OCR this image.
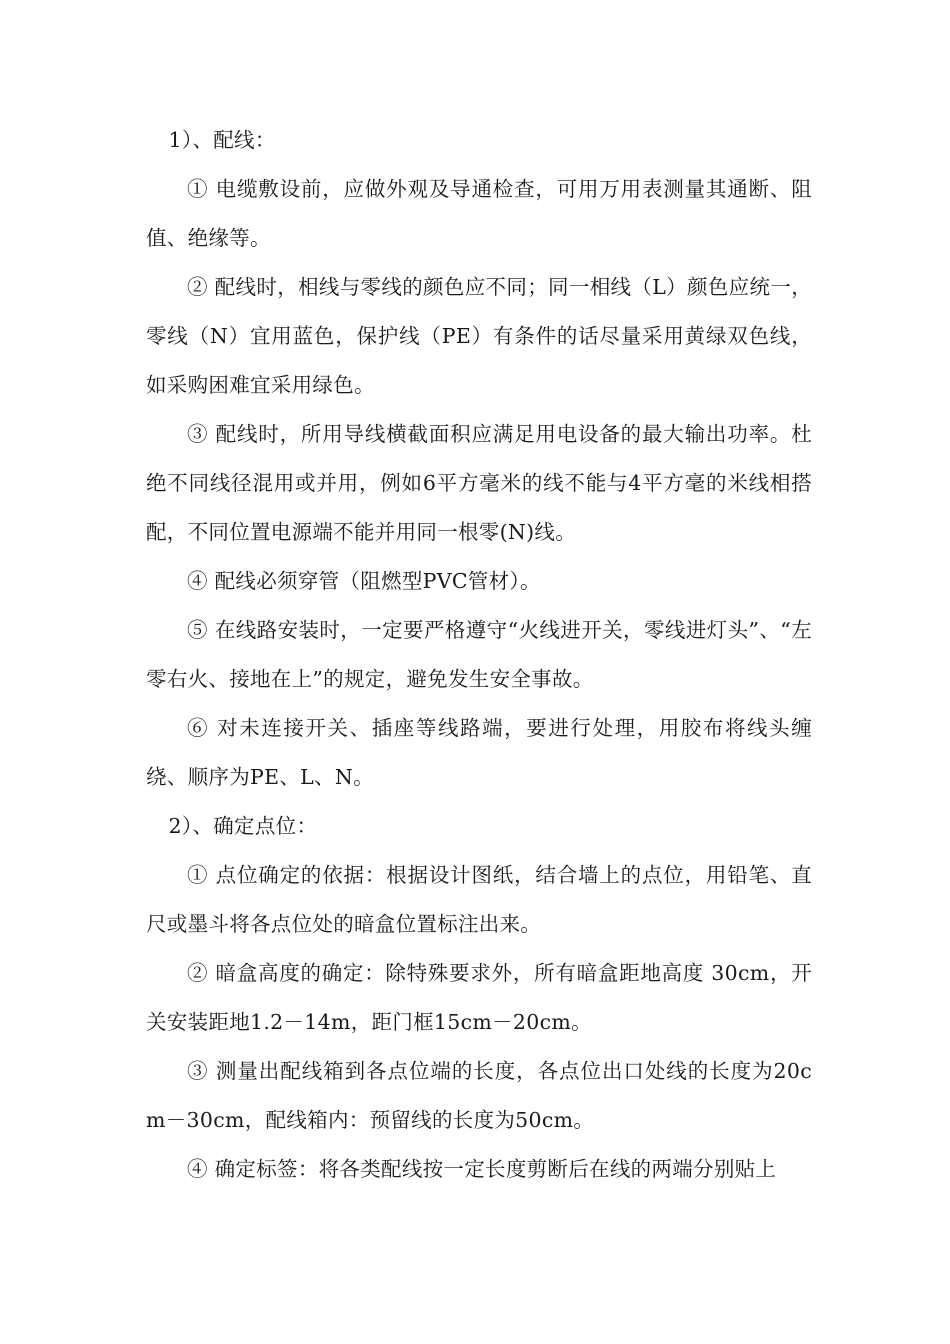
1）、配线：

① 电缆敷设前，应做外观及导通检查，可用万用表测量其通断、阻值、绝缘等。

② 配线时，相线与零线的颜色应不同；同一相线（L）颜色应统一，零线（N）宜用蓝色，保护线（PE）有条件的话尽量采用黄绿双色线，如采购困难宜采用绿色。

③ 配线时，所用导线横截面积应满足用电设备的最大输出功率。杜绝不同线径混用或并用，例如6平方毫米的线不能与4平方毫的米线相搭配，不同位置电源端不能并用同一根零(N)线。

④ 配线必须穿管（阻燃型PVC管材）。

⑤ 在线路安装时，一定要严格遵守“火线进开关，零线进灯头”、“左零右火、接地在上”的规定，避免发生安全事故。

⑥ 对未连接开关、插座等线路端，要进行处理，用胶布将线头缠绕、顺序为PE、L、N。

2）、确定点位：

① 点位确定的依据：根据设计图纸，结合墙上的点位，用铅笔、直尺或墨斗将各点位处的暗盒位置标注出来。

② 暗盒高度的确定：除特殊要求外，所有暗盒距地高度 30cm，开关安装距地1.2－14m，距门框15cm－20cm。

③ 测量出配线箱到各点位端的长度，各点位出口处线的长度为20cm－30cm，配线箱内：预留线的长度为50cm。

④ 确定标签：将各类配线按一定长度剪断后在线的两端分别贴上
